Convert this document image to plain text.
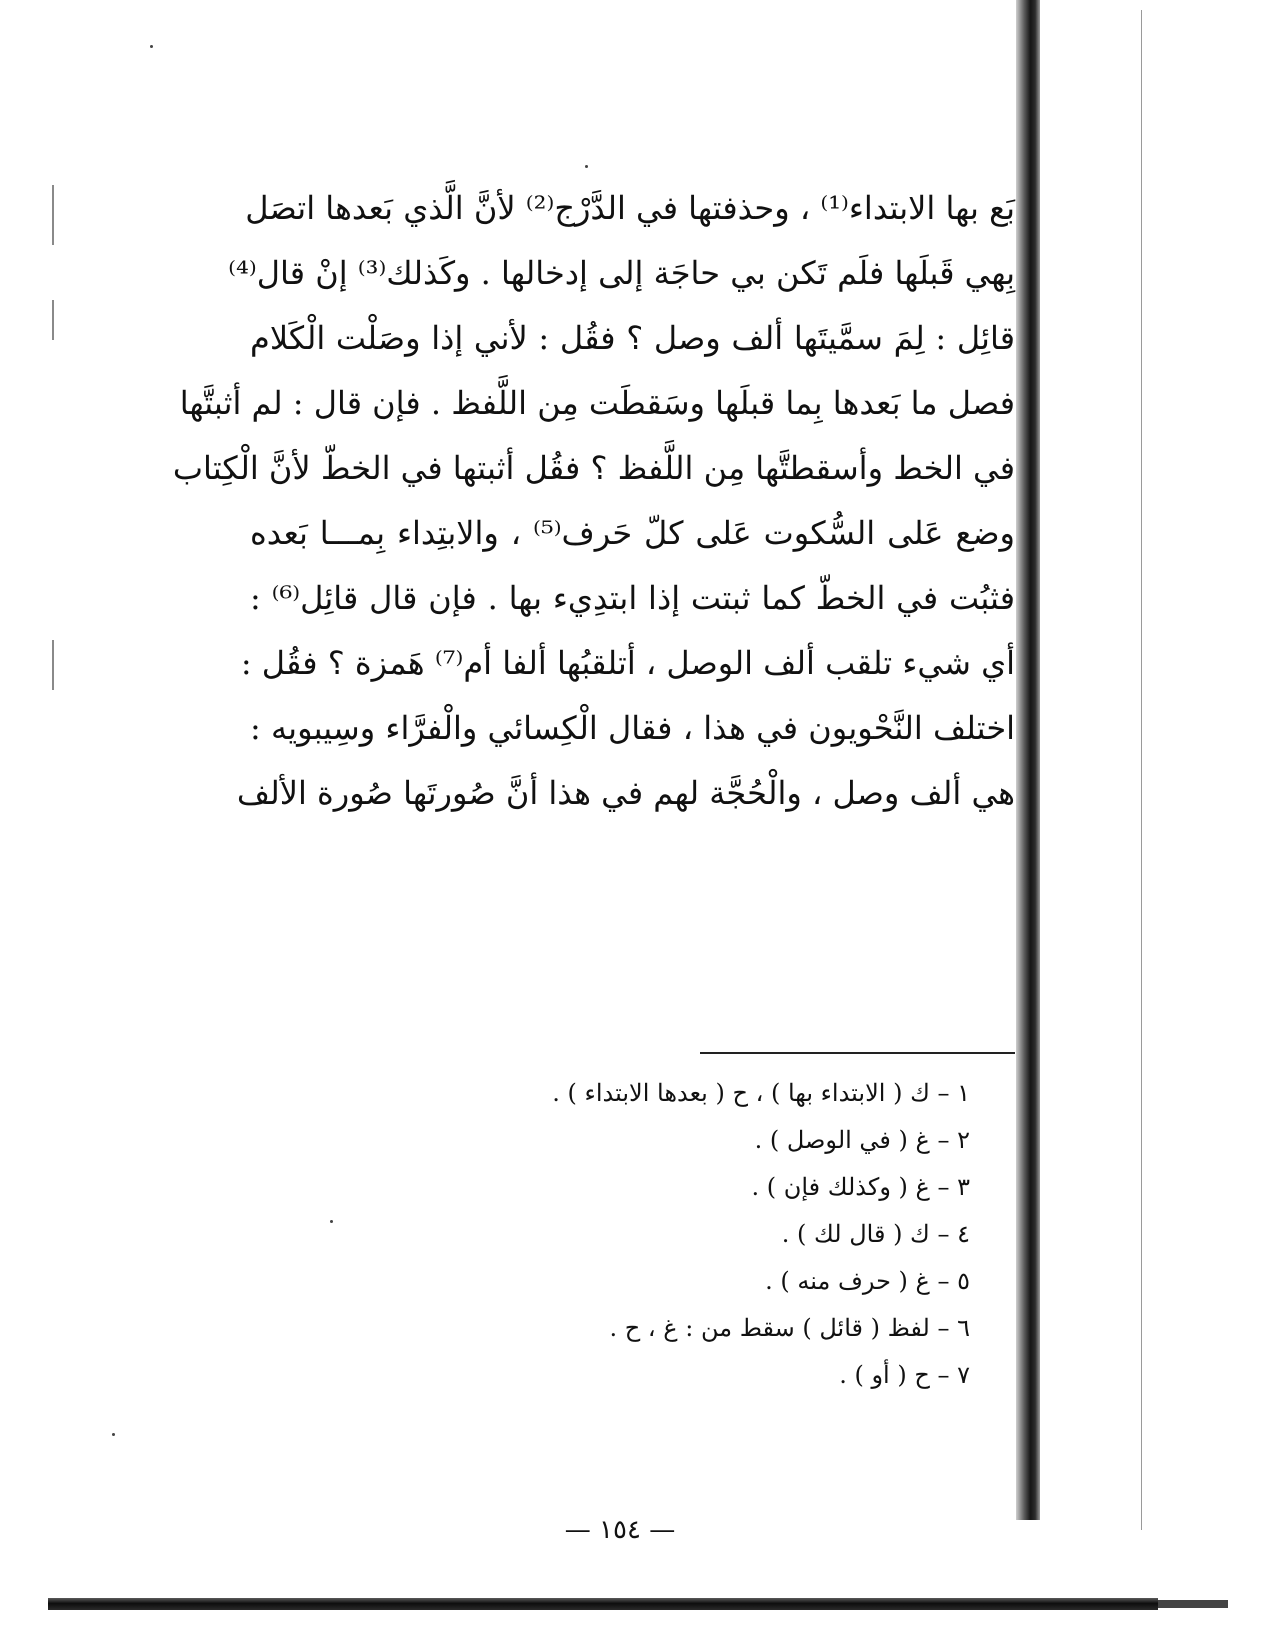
بَع بها الابتداء⁽¹⁾ ، وحذفتها في الدَّرْج⁽²⁾ لأنَّ الَّذي بَعدها اتصَل
بِهي قَبلَها فلَم تَكن بي حاجَة إلى إدخالها . وكَذلك⁽³⁾ إنْ قال⁽⁴⁾
قائِل : لِمَ سمَّيتَها ألف وصل ؟ فقُل : لأني إذا وصَلْت الْكَلام
فصل ما بَعدها بِما قبلَها وسَقطَت مِن اللَّفظ . فإن قال : لم أثبتَّها
في الخط وأسقطتَّها مِن اللَّفظ ؟ فقُل أثبتها في الخطّ لأنَّ الْكِتاب
وضع عَلى السُّكوت عَلى كلّ حَرف⁽⁵⁾ ، والابتِداء بِمـــا بَعده
فثبُت في الخطّ كما ثبتت إذا ابتدِيء بها . فإن قال قائِل⁽⁶⁾ :
أي شيء تلقب ألف الوصل ، أتلقبُها ألفا أم⁽⁷⁾ هَمزة ؟ فقُل :
اختلف النَّحْويون في هذا ، فقال الْكِسائي والْفرَّاء وسِيبويه :
هي ألف وصل ، والْحُجَّة لهم في هذا أنَّ صُورتَها صُورة الألف
١ – ك ( الابتداء بها ) ، ح ( بعدها الابتداء ) .
٢ – غ ( في الوصل ) .
٣ – غ ( وكذلك فإن ) .
٤ – ك ( قال لك ) .
٥ – غ ( حرف منه ) .
٦ – لفظ ( قائل ) سقط من : غ ، ح .
٧ – ح ( أو ) .
— ١٥٤ —
